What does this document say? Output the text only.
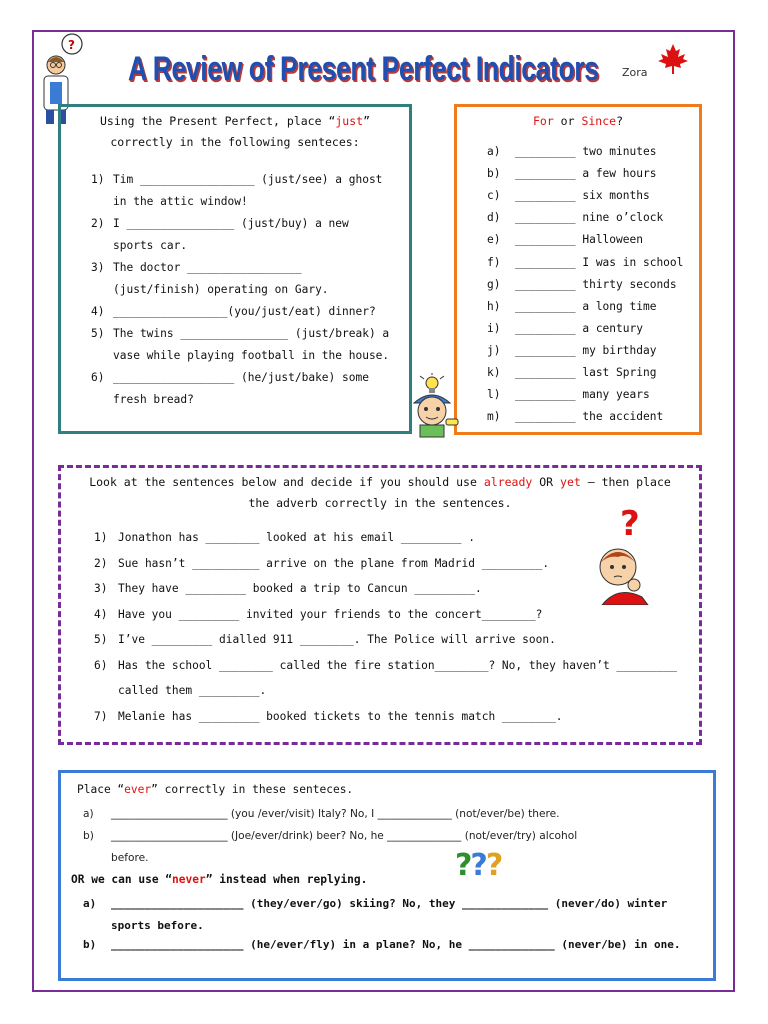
?
A Review of Present Perfect Indicators Zora
Using the Present Perfect, place “just”
correctly in the following senteces:
1) Tim _________________ (just/see) a ghost
in the attic window!
2) I ________________ (just/buy) a new
sports car.
3) The doctor _________________
(just/finish) operating on Gary.
4) _________________(you/just/eat) dinner?
5) The twins ________________ (just/break) a
vase while playing football in the house.
6) __________________ (he/just/bake) some
fresh bread?
For or Since?
a) _________ two minutes
b) _________ a few hours
c) _________ six months
d) _________ nine o’clock
e) _________ Halloween
f) _________ I was in school
g) _________ thirty seconds
h) _________ a long time
i) _________ a century
j) _________ my birthday
k) _________ last Spring
l) _________ many years
m) _________ the accident
Look at the sentences below and decide if you should use already OR yet – then place
the adverb correctly in the sentences.
1) Jonathon has ________ looked at his email _________ .
2) Sue hasn’t __________ arrive on the plane from Madrid _________.
3) They have _________ booked a trip to Cancun _________.
4) Have you _________ invited your friends to the concert________?
5) I’ve _________ dialled 911 ________. The Police will arrive soon.
6) Has the school ________ called the fire station________? No, they haven’t _________
called them _________.
7) Melanie has _________ booked tickets to the tennis match ________.
?
Place “ever” correctly in these senteces.
a) ______________________ (you /ever/visit) Italy? No, I ______________ (not/ever/be) there.
b) ______________________ (Joe/ever/drink) beer? No, he ______________ (not/ever/try) alcohol
before.
OR we can use “never” instead when replying.
a) ____________________ (they/ever/go) skiing? No, they _____________ (never/do) winter
sports before.
b) ____________________ (he/ever/fly) in a plane? No, he _____________ (never/be) in one.
???
